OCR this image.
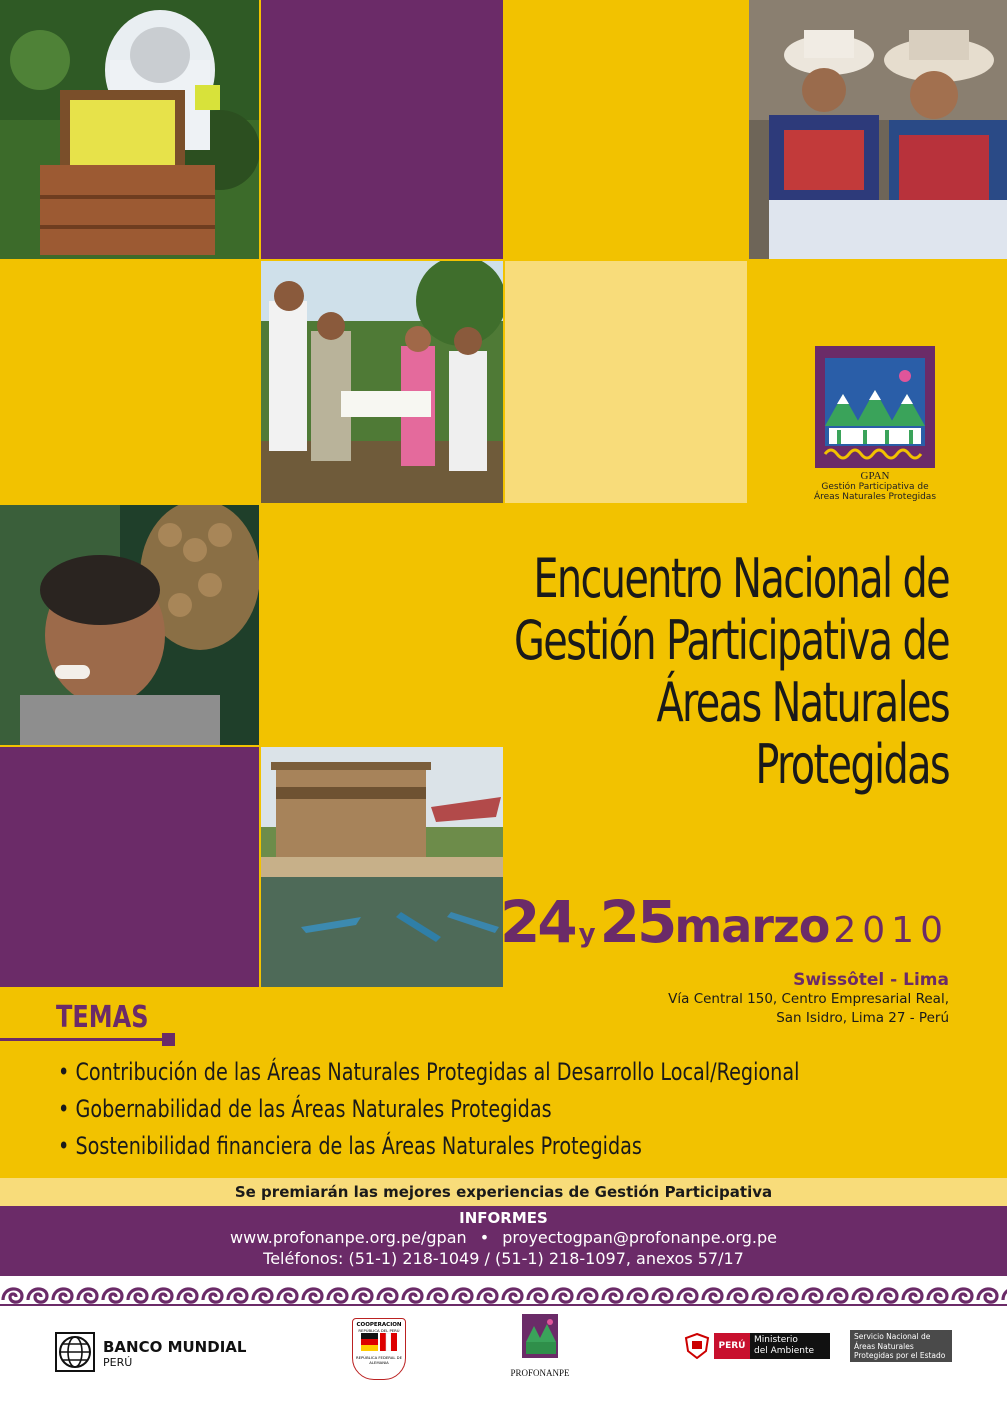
GPAN
Gestión Participativa de
Áreas Naturales Protegidas
Encuentro Nacional de
Gestión Participativa de
Áreas Naturales
Protegidas
24 y25marzo 2010
Swissôtel - Lima
Vía Central 150, Centro Empresarial Real,
San Isidro, Lima 27 - Perú
TEMAS
• Contribución de las Áreas Naturales Protegidas al Desarrollo Local/Regional
• Gobernabilidad de las Áreas Naturales Protegidas
• Sostenibilidad financiera de las Áreas Naturales Protegidas
Se premiarán las mejores experiencias de Gestión Participativa
INFORMES
www.profonanpe.org.pe/gpan • proyectogpan@profonanpe.org.pe
Teléfonos: (51-1) 218-1049 / (51-1) 218-1097, anexos 57/17
BANCO MUNDIAL
PERÚ
COOPERACION
REPÚBLICA DEL PERÚ
REPÚBLICA FEDERAL DE ALEMANIA
PROFONANPE
PERÚ
Ministerio
del Ambiente
Servicio Nacional de
Áreas Naturales
Protegidas por el Estado
